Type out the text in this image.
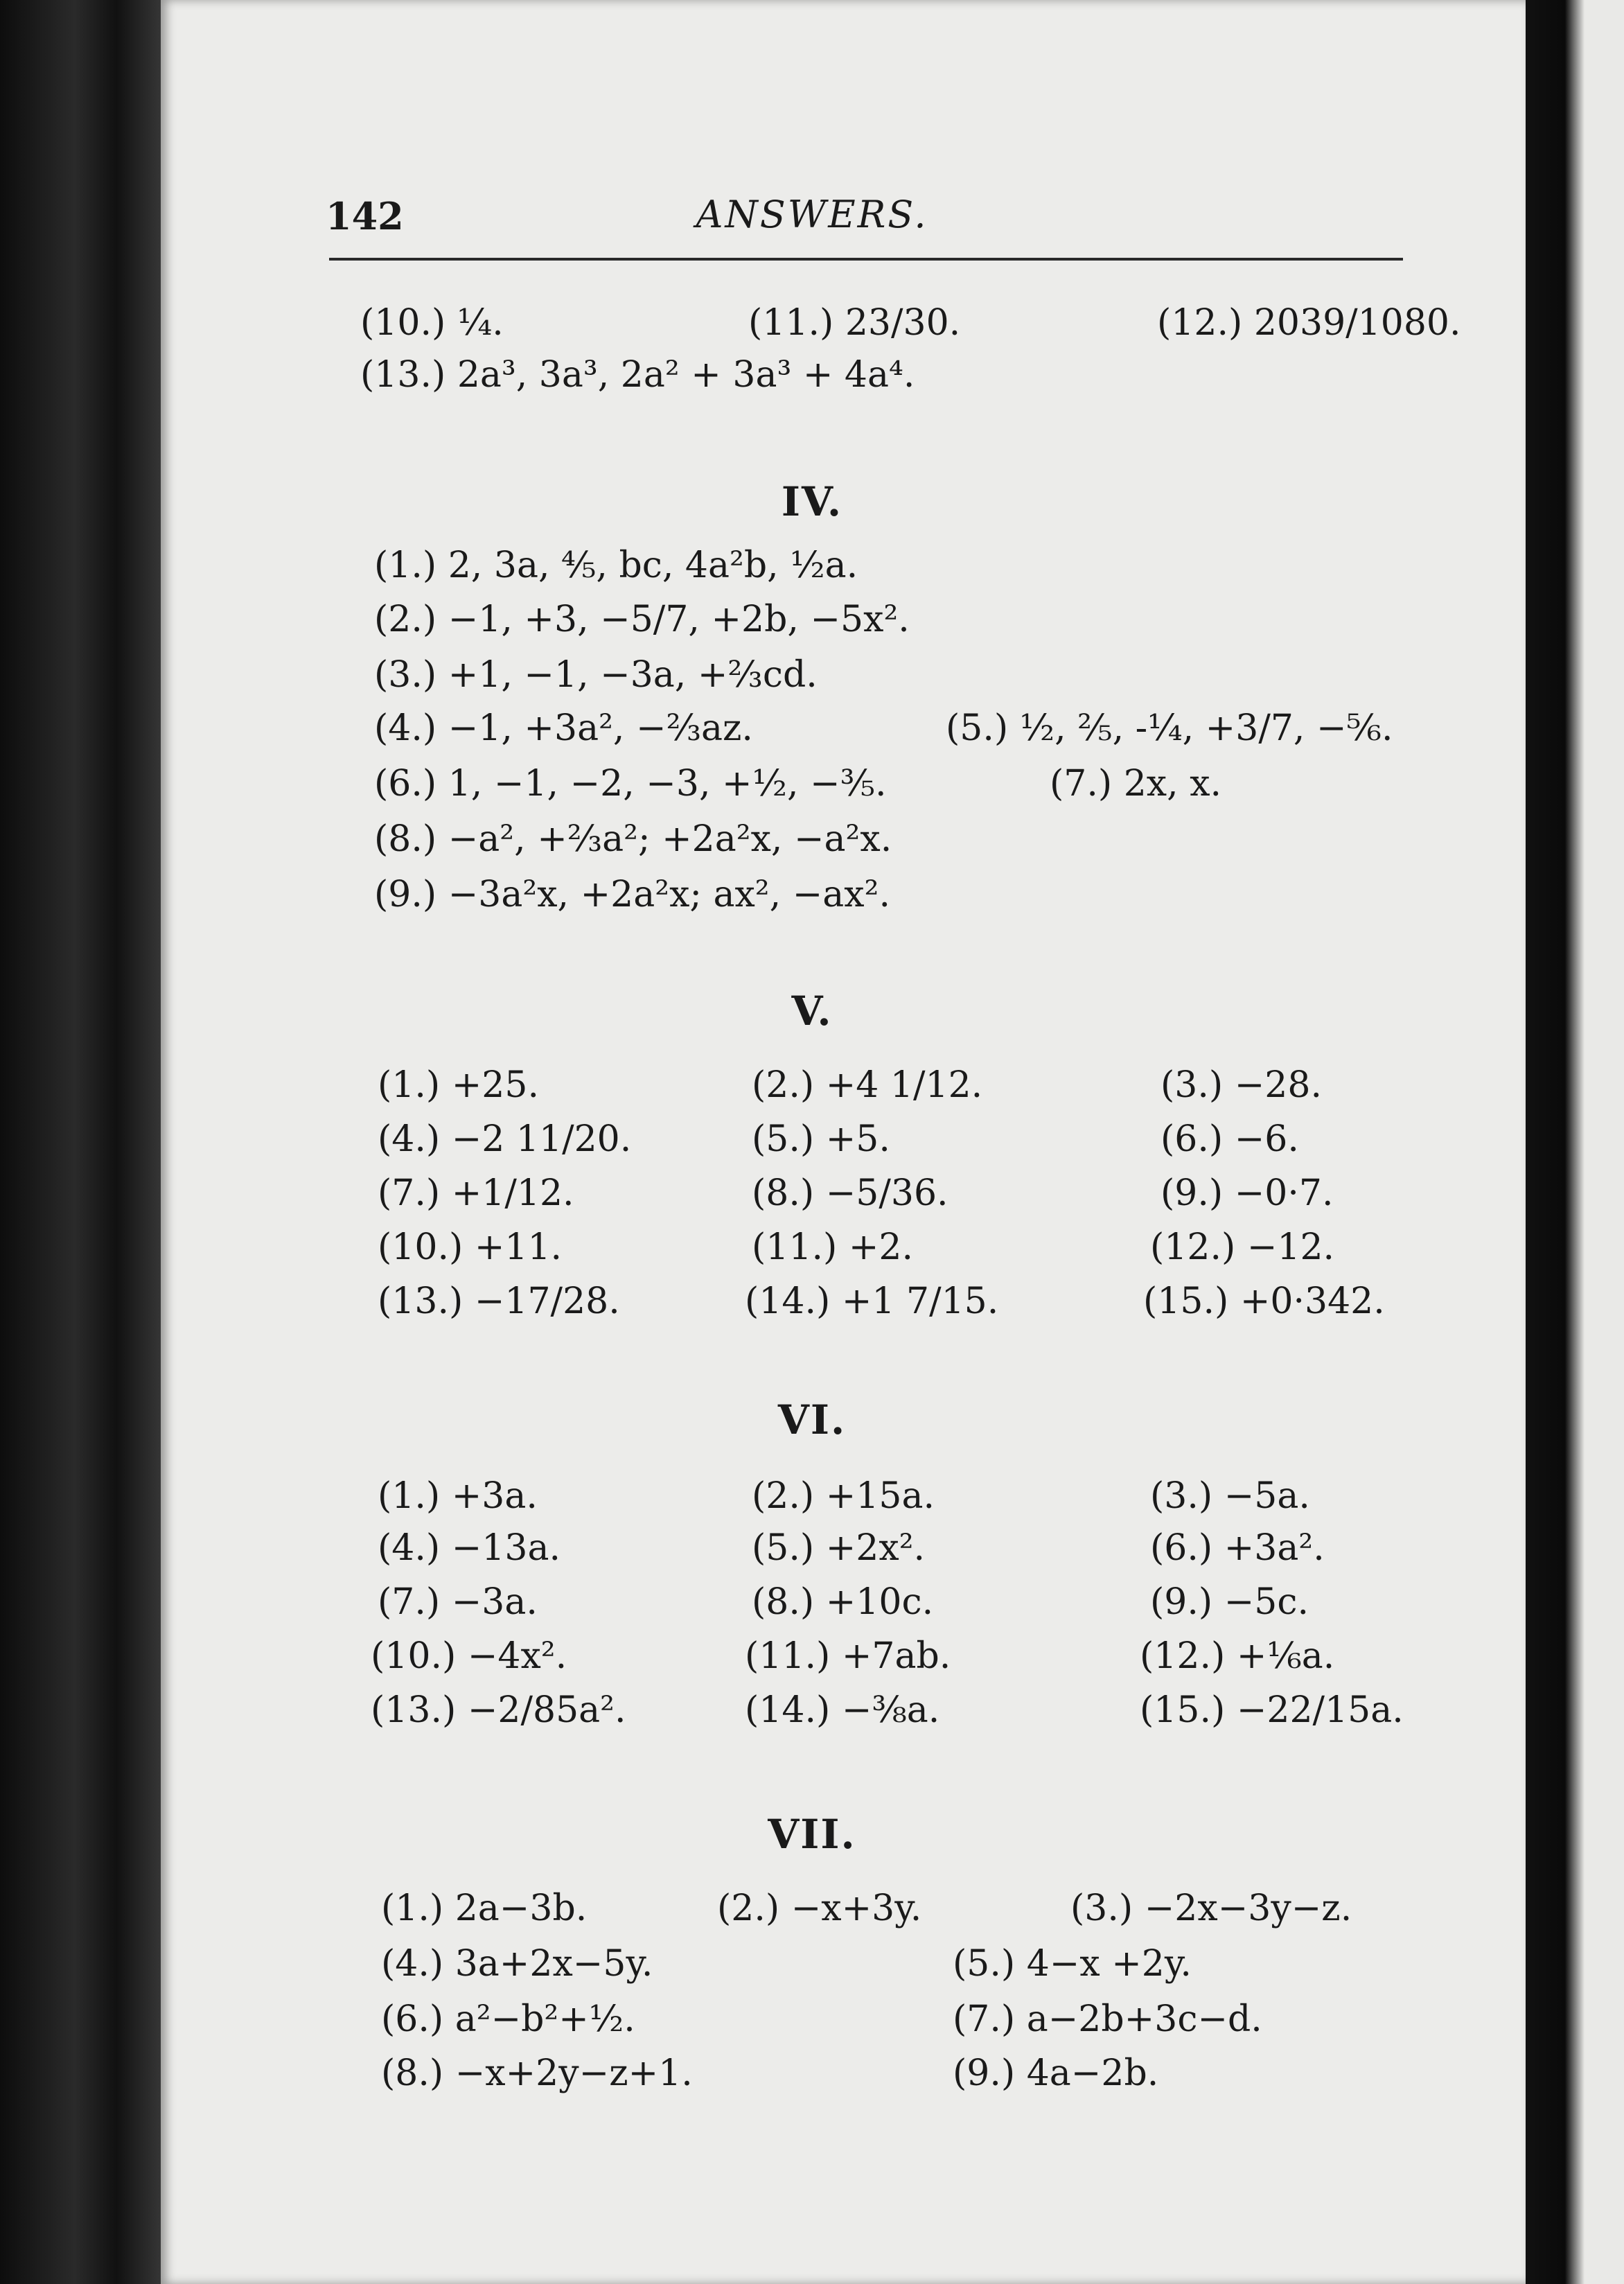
142	ANSWERS.
(10.) ¼.	(11.) 23/30.	(12.) 2039/1080.
(13.) 2a³, 3a³, 2a² + 3a³ + 4a⁴.
IV.
(1.) 2, 3a, ⅘, bc, 4a²b, ½a.
(2.) −1, +3, −5/7, +2b, −5x².
(3.) +1, −1, −3a, +⅔cd.
(4.) −1, +3a², −⅔az.	(5.) ½, ⅖, -¼, +3/7, −⅚.
(6.) 1, −1, −2, −3, +½, −⅗.	(7.) 2x, x.
(8.) −a², +⅔a²; +2a²x, −a²x.
(9.) −3a²x, +2a²x; ax², −ax².
V.
(1.) +25.	(2.) +4 1/12.	(3.) −28.
(4.) −2 11/20.	(5.) +5.	(6.) −6.
(7.) +1/12.	(8.) −5/36.	(9.) −0·7.
(10.) +11.	(11.) +2.	(12.) −12.
(13.) −17/28.	(14.) +1 7/15.	(15.) +0·342.
VI.
(1.) +3a.	(2.) +15a.	(3.) −5a.
(4.) −13a.	(5.) +2x².	(6.) +3a².
(7.) −3a.	(8.) +10c.	(9.) −5c.
(10.) −4x².	(11.) +7ab.	(12.) +⅙a.
(13.) −2/85a².	(14.) −⅜a.	(15.) −22/15a.
VII.
(1.) 2a−3b.	(2.) −x+3y.	(3.) −2x−3y−z.
(4.) 3a+2x−5y.	(5.) 4−x +2y.
(6.) a²−b²+½.	(7.) a−2b+3c−d.
(8.) −x+2y−z+1.	(9.) 4a−2b.
